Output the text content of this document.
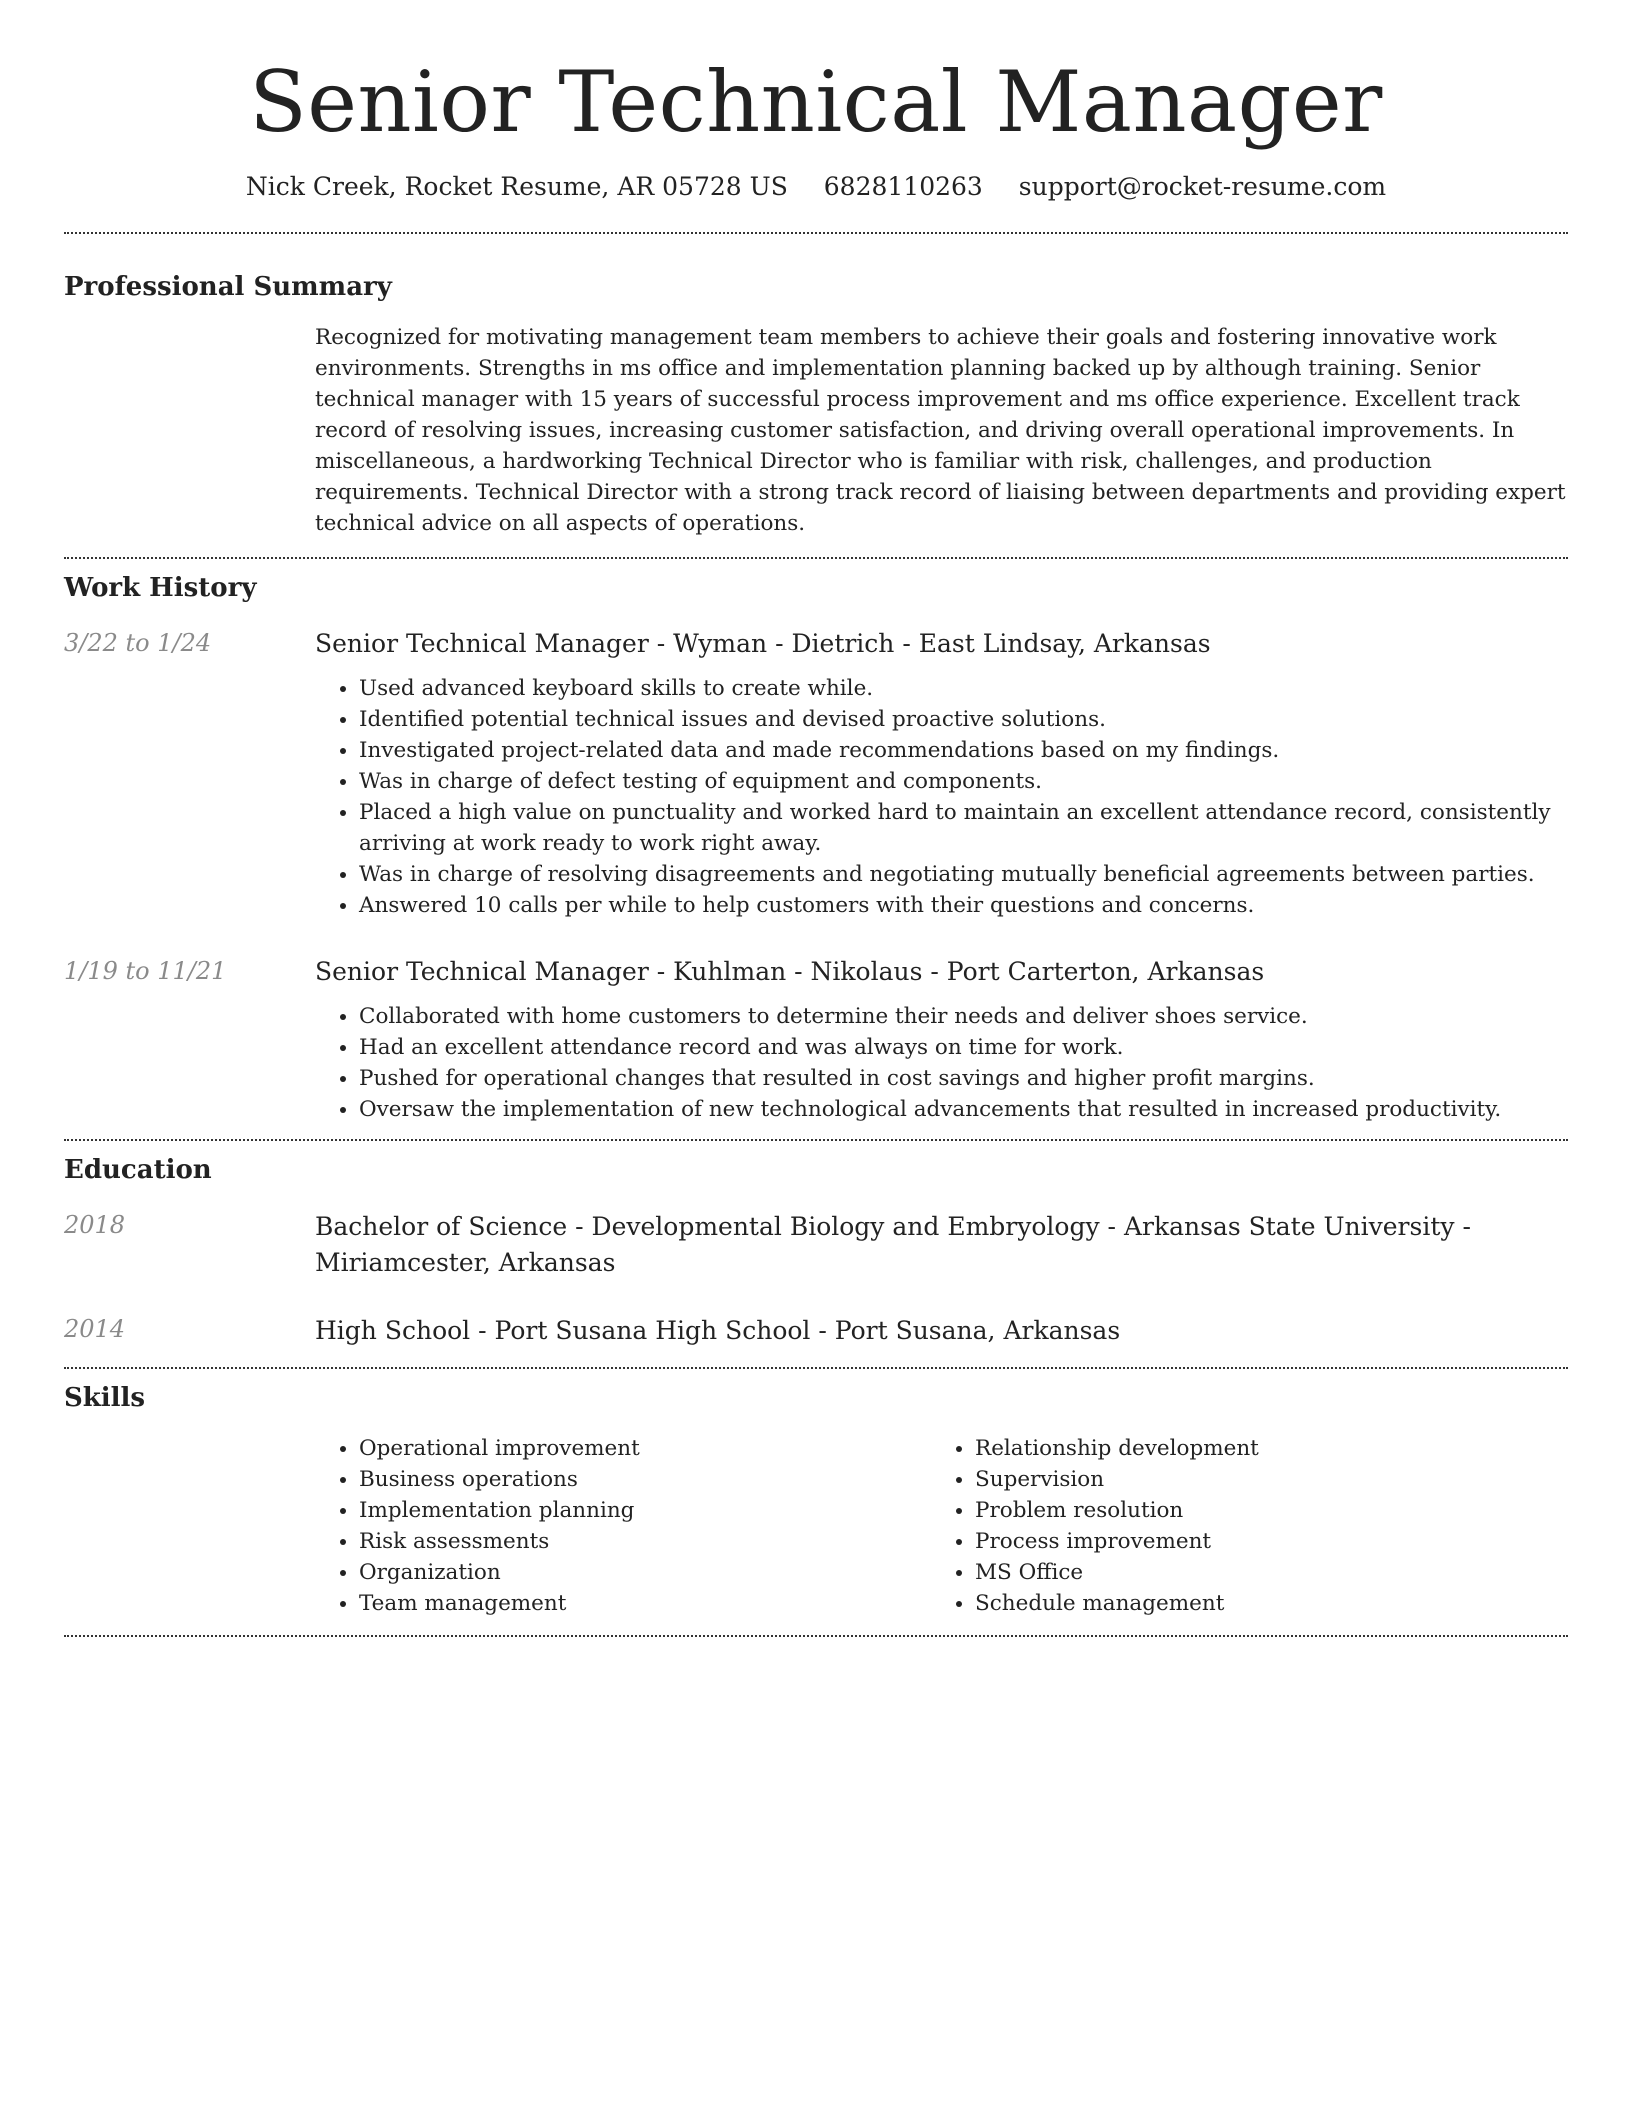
Senior Technical Manager
Nick Creek, Rocket Resume, AR 05728 US 6828110263 support@rocket-resume.com
Professional Summary

Recognized for motivating management team members to achieve their goals and fostering innovative work environments. Strengths in ms office and implementation planning backed up by although training. Senior technical manager with 15 years of successful process improvement and ms office experience. Excellent track record of resolving issues, increasing customer satisfaction, and driving overall operational improvements. In miscellaneous, a hardworking Technical Director who is familiar with risk, challenges, and production requirements. Technical Director with a strong track record of liaising between departments and providing expert technical advice on all aspects of operations.

Work History
3/22 to 1/24	Senior Technical Manager - Wyman - Dietrich - East Lindsay, Arkansas

• Used advanced keyboard skills to create while.
• Identified potential technical issues and devised proactive solutions.
• Investigated project-related data and made recommendations based on my findings.
• Was in charge of defect testing of equipment and components.
• Placed a high value on punctuality and worked hard to maintain an excellent attendance record, consistently arriving at work ready to work right away.
• Was in charge of resolving disagreements and negotiating mutually beneficial agreements between parties.
• Answered 10 calls per while to help customers with their questions and concerns.
1/19 to 11/21	Senior Technical Manager - Kuhlman - Nikolaus - Port Carterton, Arkansas

• Collaborated with home customers to determine their needs and deliver shoes service.
• Had an excellent attendance record and was always on time for work.
• Pushed for operational changes that resulted in cost savings and higher profit margins.
• Oversaw the implementation of new technological advancements that resulted in increased productivity.
Education
2018	Bachelor of Science - Developmental Biology and Embryology - Arkansas State University - Miriamcester, Arkansas

2014	High School - Port Susana High School - Port Susana, Arkansas

Skills
• Operational improvement
• Business operations
• Implementation planning
• Risk assessments
• Organization
• Team management
• Relationship development
• Supervision
• Problem resolution
• Process improvement
• MS Office
• Schedule management
